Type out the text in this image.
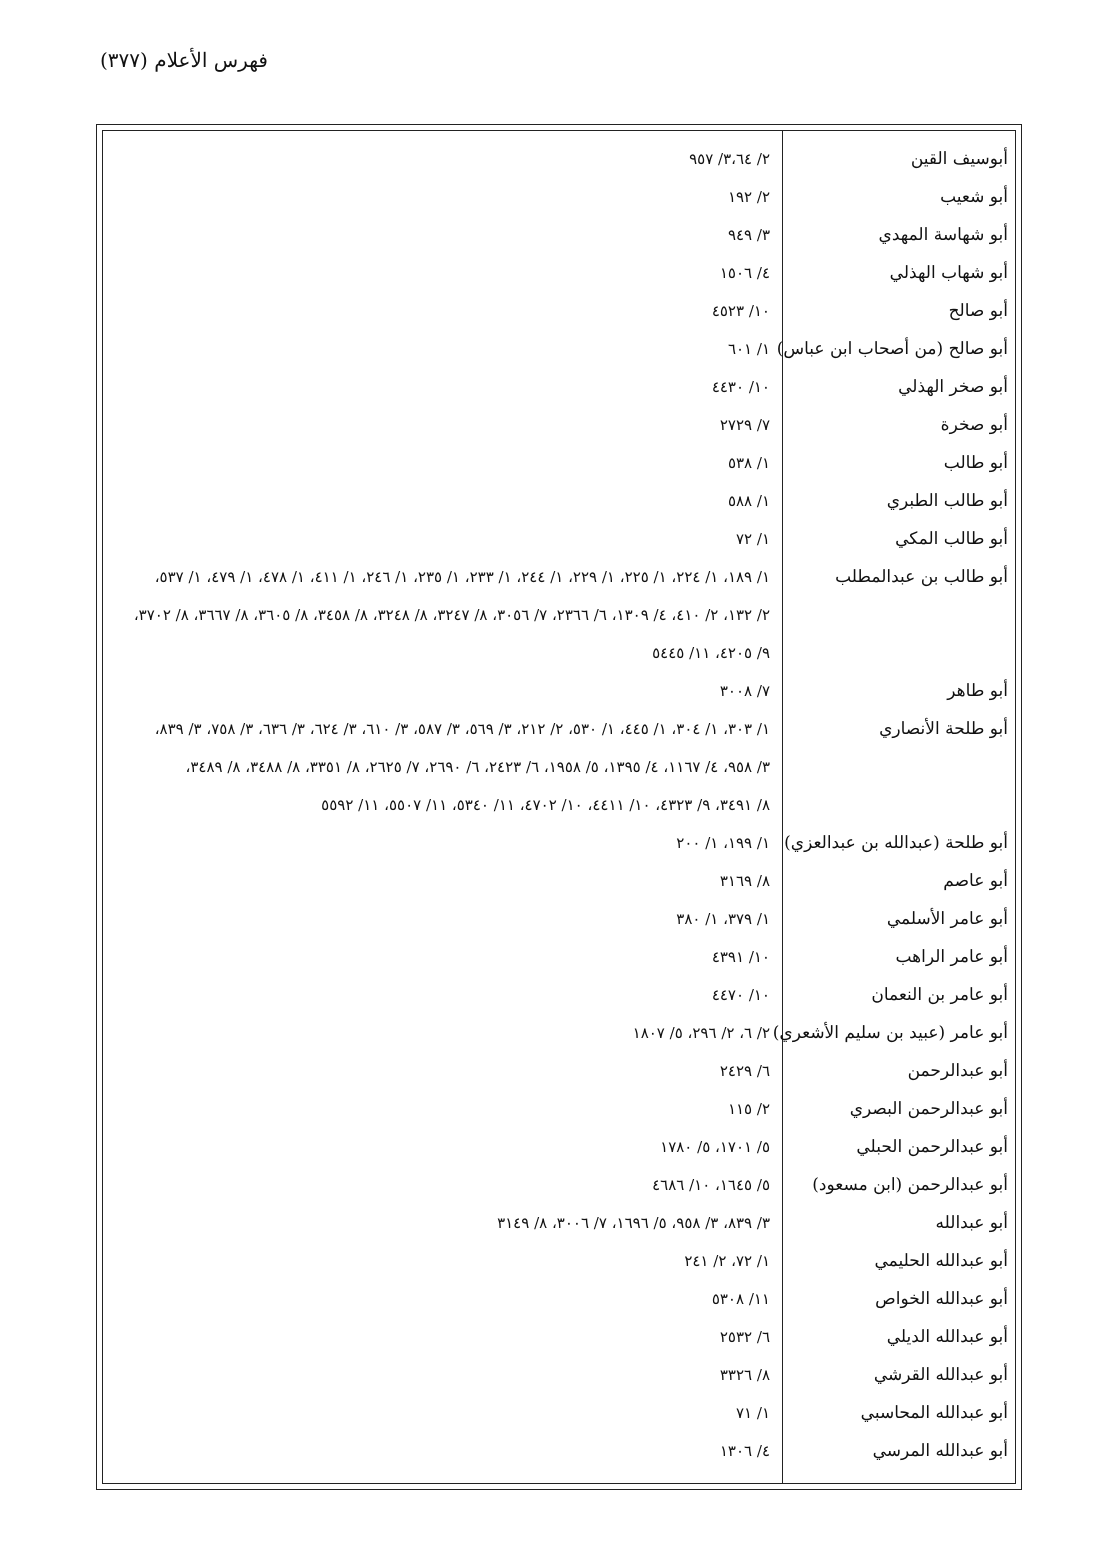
فهرس الأعلام (٣٧٧)
أبوسيف القين
٢/ ٣،٦٤/ ٩٥٧
أبو شعيب
٢/ ١٩٢
أبو شهاسة المهدي
٣/ ٩٤٩
أبو شهاب الهذلي
٤/ ١٥٠٦
أبو صالح
١٠/ ٤٥٢٣
أبو صالح (من أصحاب ابن عباس)
١/ ٦٠١
أبو صخر الهذلي
١٠/ ٤٤٣٠
أبو صخرة
٧/ ٢٧٢٩
أبو طالب
١/ ٥٣٨
أبو طالب الطبري
١/ ٥٨٨
أبو طالب المكي
١/ ٧٢
أبو طالب بن عبدالمطلب
١/ ١٨٩، ١/ ٢٢٤، ١/ ٢٢٥، ١/ ٢٢٩، ١/ ٢٤٤، ١/ ٢٣٣، ١/ ٢٣٥، ١/ ٢٤٦، ١/ ٤١١، ١/ ٤٧٨، ١/ ٤٧٩، ١/ ٥٣٧،
٢/ ١٣٢، ٢/ ٤١٠، ٤/ ١٣٠٩، ٦/ ٢٣٦٦، ٧/ ٣٠٥٦، ٨/ ٣٢٤٧، ٨/ ٣٢٤٨، ٨/ ٣٤٥٨، ٨/ ٣٦٠٥، ٨/ ٣٦٦٧، ٨/ ٣٧٠٢،
٩/ ٤٢٠٥، ١١/ ٥٤٤٥
أبو طاهر
٧/ ٣٠٠٨
أبو طلحة الأنصاري
١/ ٣٠٣، ١/ ٣٠٤، ١/ ٤٤٥، ١/ ٥٣٠، ٢/ ٢١٢، ٣/ ٥٦٩، ٣/ ٥٨٧، ٣/ ٦١٠، ٣/ ٦٢٤، ٣/ ٦٣٦، ٣/ ٧٥٨، ٣/ ٨٣٩،
٣/ ٩٥٨، ٤/ ١١٦٧، ٤/ ١٣٩٥، ٥/ ١٩٥٨، ٦/ ٢٤٢٣، ٦/ ٢٦٩٠، ٧/ ٢٦٢٥، ٨/ ٣٣٥١، ٨/ ٣٤٨٨، ٨/ ٣٤٨٩،
٨/ ٣٤٩١، ٩/ ٤٣٢٣، ١٠/ ٤٤١١، ١٠/ ٤٧٠٢، ١١/ ٥٣٤٠، ١١/ ٥٥٠٧، ١١/ ٥٥٩٢
أبو طلحة (عبدالله بن عبدالعزي)
١/ ١٩٩، ١/ ٢٠٠
أبو عاصم
٨/ ٣١٦٩
أبو عامر الأسلمي
١/ ٣٧٩، ١/ ٣٨٠
أبو عامر الراهب
١٠/ ٤٣٩١
أبو عامر بن النعمان
١٠/ ٤٤٧٠
أبو عامر (عبيد بن سليم الأشعري)
٢/ ٦، ٢/ ٢٩٦، ٥/ ١٨٠٧
أبو عبدالرحمن
٦/ ٢٤٢٩
أبو عبدالرحمن البصري
٢/ ١١٥
أبو عبدالرحمن الحبلي
٥/ ١٧٠١، ٥/ ١٧٨٠
أبو عبدالرحمن (ابن مسعود)
٥/ ١٦٤٥، ١٠/ ٤٦٨٦
أبو عبدالله
٣/ ٨٣٩، ٣/ ٩٥٨، ٥/ ١٦٩٦، ٧/ ٣٠٠٦، ٨/ ٣١٤٩
أبو عبدالله الحليمي
١/ ٧٢، ٢/ ٢٤١
أبو عبدالله الخواص
١١/ ٥٣٠٨
أبو عبدالله الديلي
٦/ ٢٥٣٢
أبو عبدالله القرشي
٨/ ٣٣٢٦
أبو عبدالله المحاسبي
١/ ٧١
أبو عبدالله المرسي
٤/ ١٣٠٦
